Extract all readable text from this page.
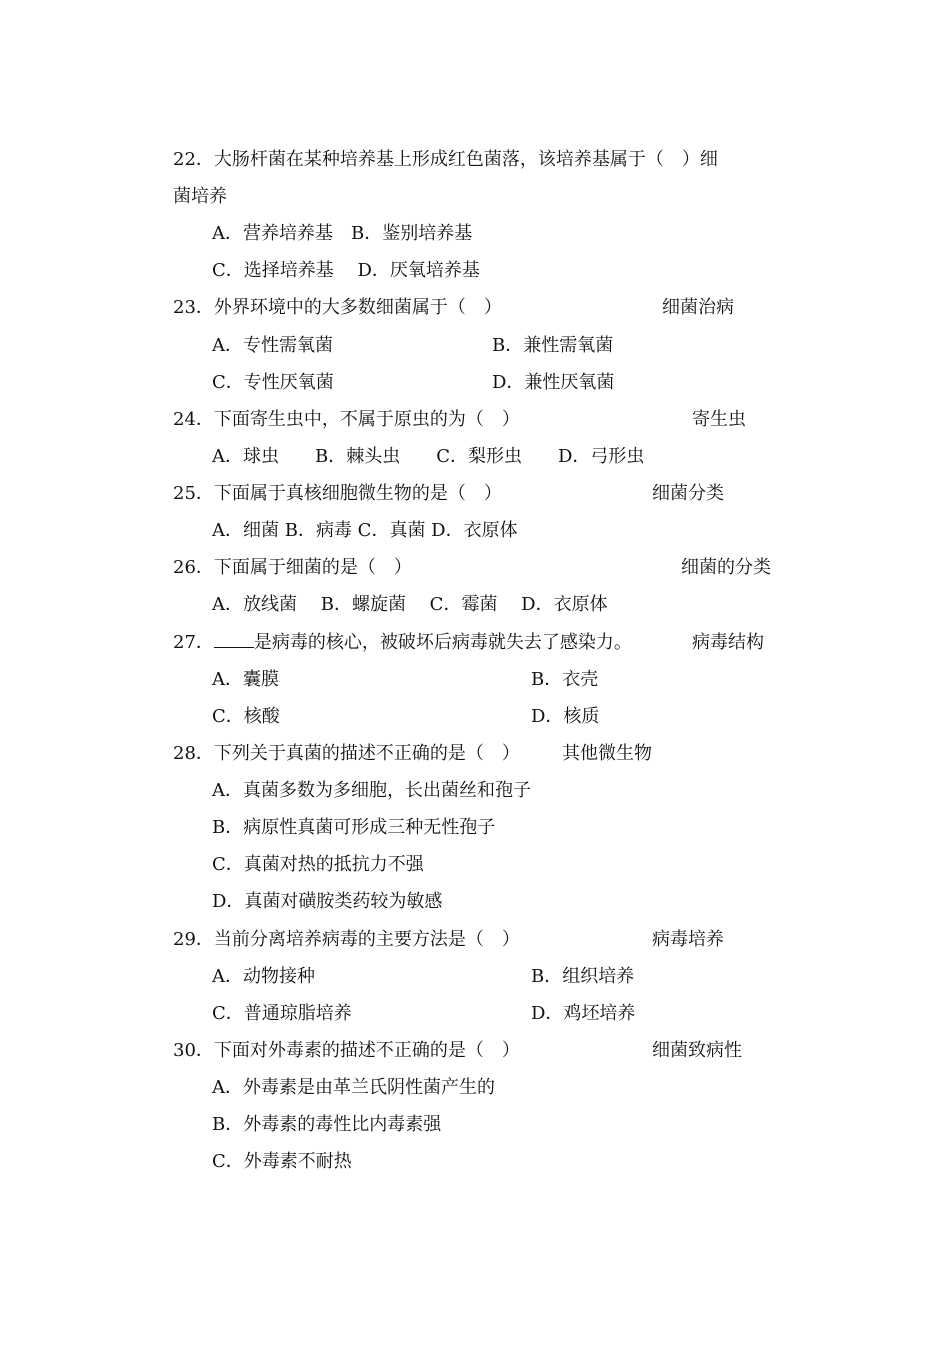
22．大肠杆菌在某种培养基上形成红色菌落，该培养基属于（　）细
菌培养
A．营养培养基　B．鉴别培养基
C．选择培养基　 D．厌氧培养基
23．外界环境中的大多数细菌属于（　）	细菌治病
A．专性需氧菌	B．兼性需氧菌
C．专性厌氧菌	D．兼性厌氧菌
24．下面寄生虫中，不属于原虫的为（　）	寄生虫
A．球虫　　B．棘头虫　　C．梨形虫　　D．弓形虫
25．下面属于真核细胞微生物的是（　）	细菌分类
A．细菌 B．病毒 C．真菌 D．衣原体
26．下面属于细菌的是（　）	细菌的分类
A．放线菌　 B．螺旋菌　 C．霉菌　 D．衣原体
27． 是病毒的核心，被破坏后病毒就失去了感染力。	病毒结构
A．囊膜	B．衣壳
C．核酸	D．核质
28．下列关于真菌的描述不正确的是（　） 其他微生物
A．真菌多数为多细胞，长出菌丝和孢子
B．病原性真菌可形成三种无性孢子
C．真菌对热的抵抗力不强
D．真菌对磺胺类药较为敏感
29．当前分离培养病毒的主要方法是（　）	病毒培养
A．动物接种	B．组织培养
C．普通琼脂培养	D．鸡坯培养
30．下面对外毒素的描述不正确的是（　）	细菌致病性
A．外毒素是由革兰氏阴性菌产生的
B．外毒素的毒性比内毒素强
C．外毒素不耐热
